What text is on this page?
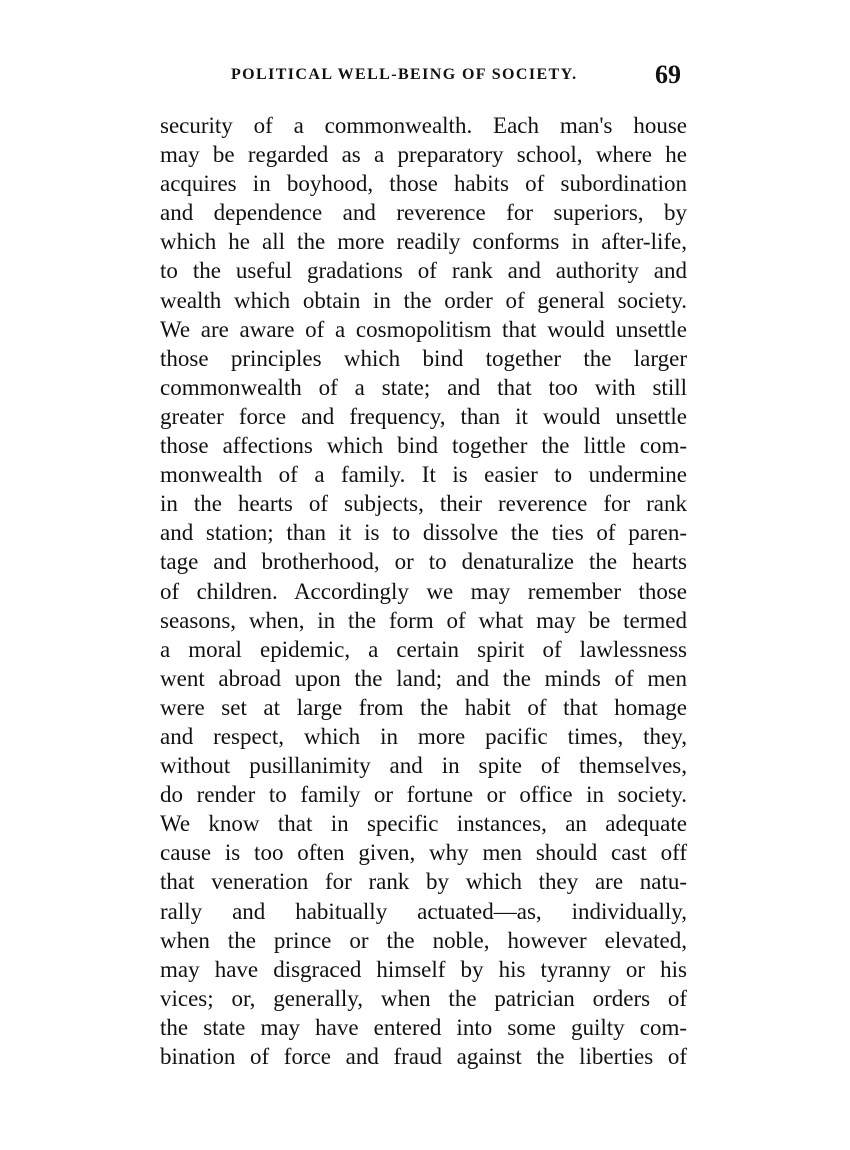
POLITICAL WELL-BEING OF SOCIETY.	69
security of a commonwealth. Each man's house
may be regarded as a preparatory school, where he
acquires in boyhood, those habits of subordination
and dependence and reverence for superiors, by
which he all the more readily conforms in after-life,
to the useful gradations of rank and authority and
wealth which obtain in the order of general society.
We are aware of a cosmopolitism that would unsettle
those principles which bind together the larger
commonwealth of a state; and that too with still
greater force and frequency, than it would unsettle
those affections which bind together the little com-
monwealth of a family. It is easier to undermine
in the hearts of subjects, their reverence for rank
and station; than it is to dissolve the ties of paren-
tage and brotherhood, or to denaturalize the hearts
of children. Accordingly we may remember those
seasons, when, in the form of what may be termed
a moral epidemic, a certain spirit of lawlessness
went abroad upon the land; and the minds of men
were set at large from the habit of that homage
and respect, which in more pacific times, they,
without pusillanimity and in spite of themselves,
do render to family or fortune or office in society.
We know that in specific instances, an adequate
cause is too often given, why men should cast off
that veneration for rank by which they are natu-
rally and habitually actuated—as, individually,
when the prince or the noble, however elevated,
may have disgraced himself by his tyranny or his
vices; or, generally, when the patrician orders of
the state may have entered into some guilty com-
bination of force and fraud against the liberties of
